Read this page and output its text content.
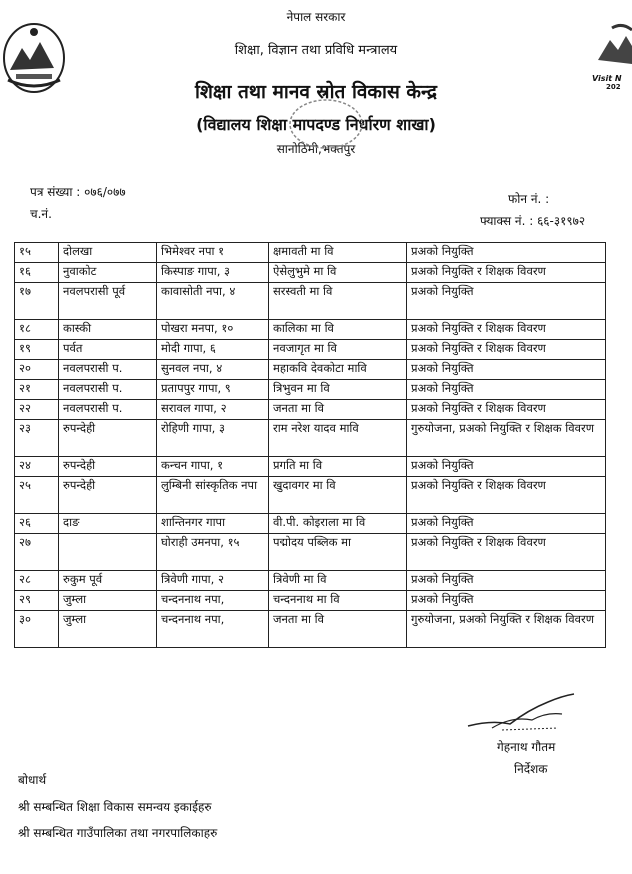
Visit N
202
नेपाल सरकार
शिक्षा, विज्ञान तथा प्रविधि मन्त्रालय
शिक्षा तथा मानव स्रोत विकास केन्द्र
(विद्यालय शिक्षा मापदण्ड निर्धारण शाखा)
सानोठिमी,भक्तपुर
पत्र संख्या : ०७६/०७७
च.नं.
फोन नं. :
फ्याक्स नं. : ६६-३१९७२
१५	दोलखा	भिमेश्वर नपा १	क्षमावती मा वि	प्रअको नियुक्ति
१६	नुवाकोट	किस्पाङ गापा, ३	ऐसेलुभुमे मा वि	प्रअको नियुक्ति र शिक्षक विवरण
१७	नवलपरासी पूर्व	कावासोती नपा, ४	सरस्वती मा वि	प्रअको नियुक्ति
१८	कास्की	पोखरा मनपा, १०	कालिका मा वि	प्रअको नियुक्ति र शिक्षक विवरण
१९	पर्वत	मोदी गापा, ६	नवजागृत मा वि	प्रअको नियुक्ति र शिक्षक विवरण
२०	नवलपरासी प.	सुनवल नपा, ४	महाकवि देवकोटा मावि	प्रअको नियुक्ति
२१	नवलपरासी प.	प्रतापपुर गापा, ९	त्रिभुवन मा वि	प्रअको नियुक्ति
२२	नवलपरासी प.	सरावल गापा, २	जनता मा वि	प्रअको नियुक्ति र शिक्षक विवरण
२३	रुपन्देही	रोहिणी गापा, ३	राम नरेश यादव मावि	गुरुयोजना, प्रअको नियुक्ति र शिक्षक विवरण
२४	रुपन्देही	कन्चन गापा, १	प्रगति मा वि	प्रअको नियुक्ति
२५	रुपन्देही	लुम्बिनी सांस्कृतिक नपा	खुदावगर मा वि	प्रअको नियुक्ति र शिक्षक विवरण
२६	दाङ	शान्तिनगर गापा	वी.पी. कोइराला मा वि	प्रअको नियुक्ति
२७		घोराही उमनपा, १५	पद्मोदय पब्लिक मा	प्रअको नियुक्ति र शिक्षक विवरण
२८	रुकुम पूर्व	त्रिवेणी गापा, २	त्रिवेणी मा वि	प्रअको नियुक्ति
२९	जुम्ला	चन्दननाथ नपा,	चन्दननाथ मा वि	प्रअको नियुक्ति
३०	जुम्ला	चन्दननाथ नपा,	जनता मा वि	गुरुयोजना, प्रअको नियुक्ति र शिक्षक विवरण
गेहनाथ गौतम
निर्देशक
बोधार्थ
श्री सम्बन्धित शिक्षा विकास समन्वय इकाईहरु
श्री सम्बन्धित गाउँपालिका तथा नगरपालिकाहरु
